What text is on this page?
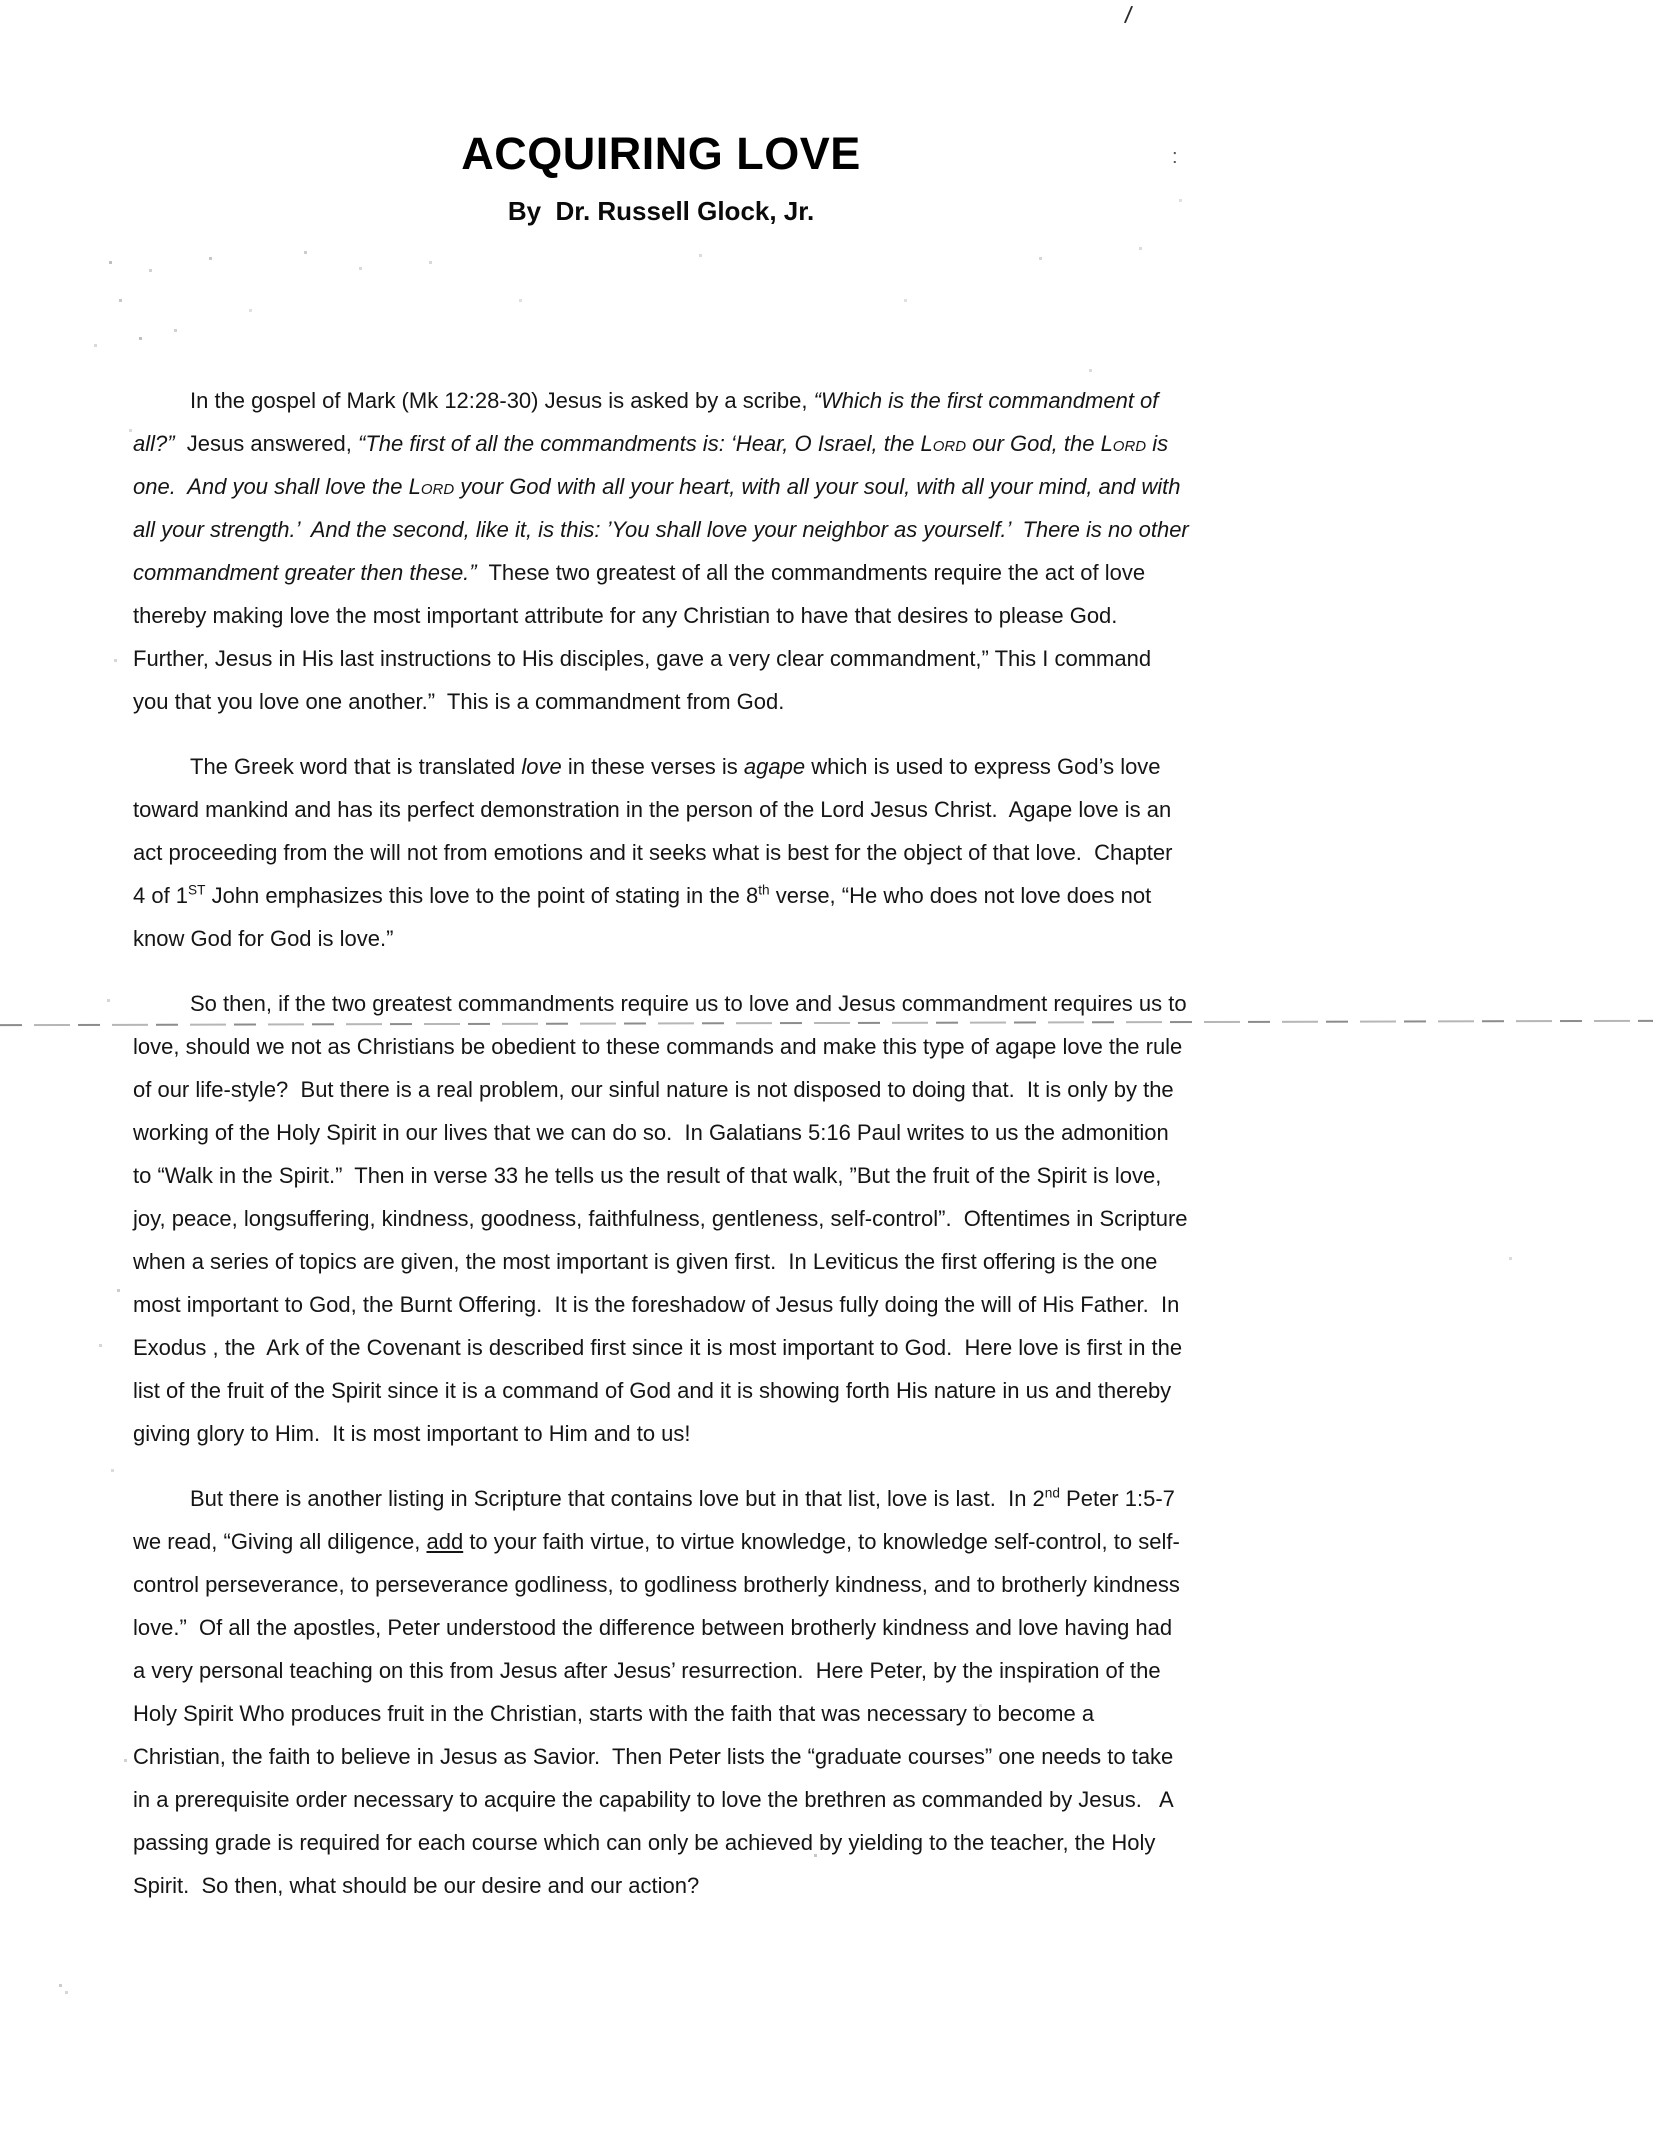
/
:
ACQUIRING LOVE
By  Dr. Russell Glock, Jr.

In the gospel of Mark (Mk 12:28-30) Jesus is asked by a scribe, “Which is the first commandment of all?”  Jesus answered, “The first of all the commandments is: ‘Hear, O Israel, the Lord our God, the Lord is one.  And you shall love the Lord your God with all your heart, with all your soul, with all your mind, and with all your strength.’  And the second, like it, is this: ’You shall love your neighbor as yourself.’  There is no other commandment greater then these.”  These two greatest of all the commandments require the act of love thereby making love the most important attribute for any Christian to have that desires to please God.  Further, Jesus in His last instructions to His disciples, gave a very clear commandment,” This I command you that you love one another.”  This is a commandment from God.

The Greek word that is translated love in these verses is agape which is used to express God’s love toward mankind and has its perfect demonstration in the person of the Lord Jesus Christ.  Agape love is an act proceeding from the will not from emotions and it seeks what is best for the object of that love.  Chapter 4 of 1ST John emphasizes this love to the point of stating in the 8th verse, “He who does not love does not know God for God is love.”

So then, if the two greatest commandments require us to love and Jesus commandment requires us to love, should we not as Christians be obedient to these commands and make this type of agape love the rule of our life-style?  But there is a real problem, our sinful nature is not disposed to doing that.  It is only by the working of the Holy Spirit in our lives that we can do so.  In Galatians 5:16 Paul writes to us the admonition to “Walk in the Spirit.”  Then in verse 33 he tells us the result of that walk, ”But the fruit of the Spirit is love, joy, peace, longsuffering, kindness, goodness, faithfulness, gentleness, self-control”.  Oftentimes in Scripture when a series of topics are given, the most important is given first.  In Leviticus the first offering is the one most important to God, the Burnt Offering.  It is the foreshadow of Jesus fully doing the will of His Father.  In Exodus , the  Ark of the Covenant is described first since it is most important to God.  Here love is first in the list of the fruit of the Spirit since it is a command of God and it is showing forth His nature in us and thereby giving glory to Him.  It is most important to Him and to us!

But there is another listing in Scripture that contains love but in that list, love is last.  In 2nd Peter 1:5-7 we read, “Giving all diligence, add to your faith virtue, to virtue knowledge, to knowledge self-control, to self-control perseverance, to perseverance godliness, to godliness brotherly kindness, and to brotherly kindness love.”  Of all the apostles, Peter understood the difference between brotherly kindness and love having had a very personal teaching on this from Jesus after Jesus’ resurrection.  Here Peter, by the inspiration of the Holy Spirit Who produces fruit in the Christian, starts with the faith that was necessary to become a Christian, the faith to believe in Jesus as Savior.  Then Peter lists the “graduate courses” one needs to take in a prerequisite order necessary to acquire the capability to love the brethren as commanded by Jesus.   A passing grade is required for each course which can only be achieved by yielding to the teacher, the Holy Spirit.  So then, what should be our desire and our action?
